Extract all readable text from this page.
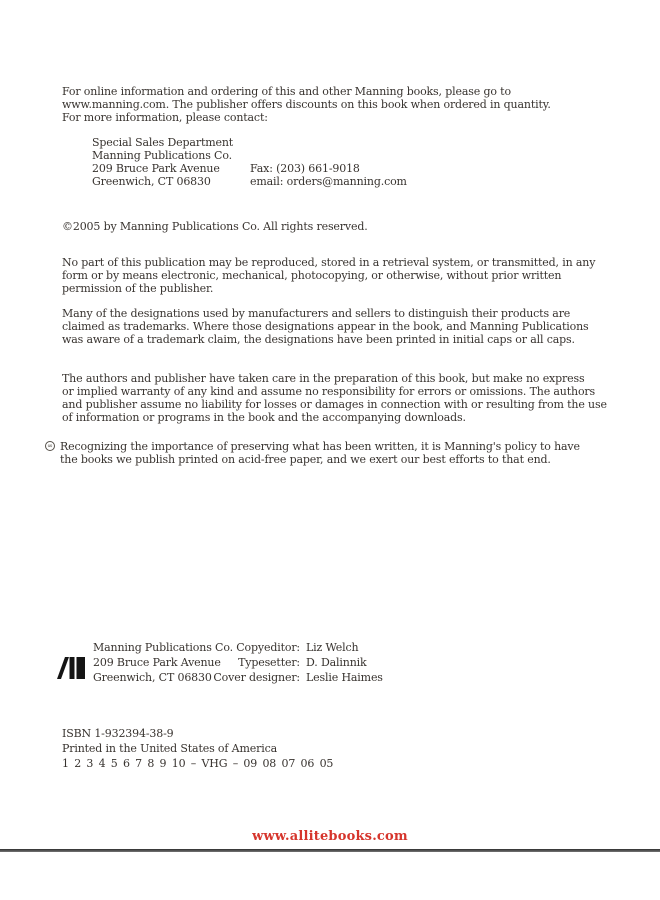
For online information and ordering of this and other Manning books, please go to
www.manning.com. The publisher offers discounts on this book when ordered in quantity.
For more information, please contact:
Special Sales Department
Manning Publications Co.
209 Bruce Park Avenue
Greenwich, CT 06830
Fax: (203) 661-9018
email: orders@manning.com
©2005 by Manning Publications Co. All rights reserved.
No part of this publication may be reproduced, stored in a retrieval system, or transmitted, in any
form or by means electronic, mechanical, photocopying, or otherwise, without prior written
permission of the publisher.
Many of the designations used by manufacturers and sellers to distinguish their products are
claimed as trademarks. Where those designations appear in the book, and Manning Publications
was aware of a trademark claim, the designations have been printed in initial caps or all caps.
The authors and publisher have taken care in the preparation of this book, but make no express
or implied warranty of any kind and assume no responsibility for errors or omissions. The authors
and publisher assume no liability for losses or damages in connection with or resulting from the use
of information or programs in the book and the accompanying downloads.
∞ Recognizing the importance of preserving what has been written, it is Manning's policy to have
the books we publish printed on acid-free paper, and we exert our best efforts to that end.
Manning Publications Co.
209 Bruce Park Avenue
Greenwich, CT 06830
Copyeditor: Liz Welch
Typesetter: D. Dalinnik
Cover designer: Leslie Haimes
ISBN 1-932394-38-9
Printed in the United States of America
1 2 3 4 5 6 7 8 9 10 – VHG – 09 08 07 06 05
www.allitebooks.com
